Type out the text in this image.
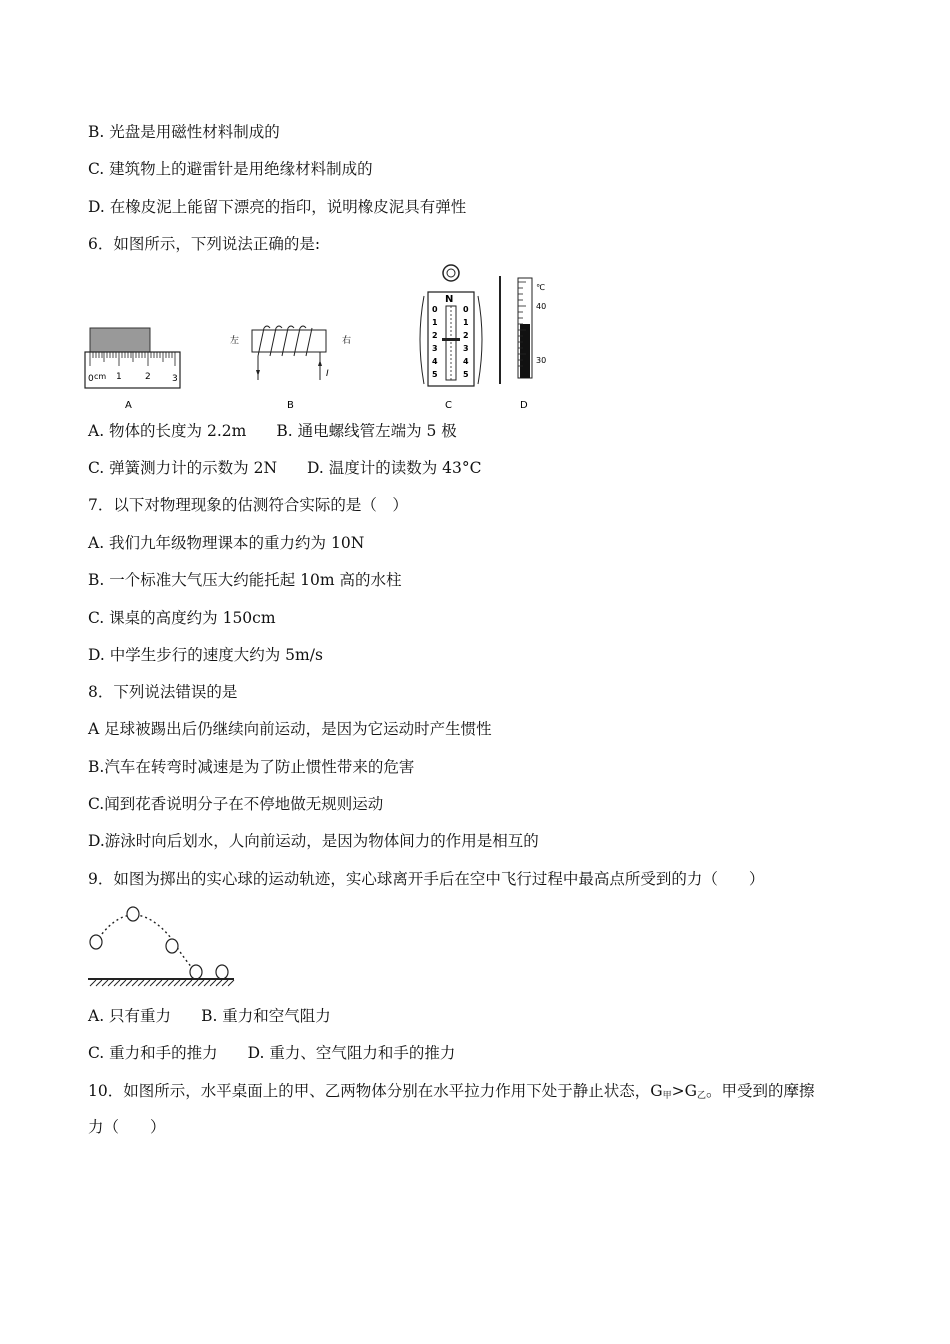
B. 光盘是用磁性材料制成的
C. 建筑物上的避雷针是用绝缘材料制成的
D. 在橡皮泥上能留下漂亮的指印，说明橡皮泥具有弹性
6．如图所示，下列说法正确的是:
0 cm 1	2 3
A
左	右
I
B
N
0	0
1	1
2	2
3	3
4	4
5	5
C
℃
40
30
D
A. 物体的长度为 2.2m B. 通电螺线管左端为 5 极
C. 弹簧测力计的示数为 2N D. 温度计的读数为 43°C
7．以下对物理现象的估测符合实际的是（　）
A. 我们九年级物理课本的重力约为 10N
B. 一个标准大气压大约能托起 10m 高的水柱
C. 课桌的高度约为 150cm
D. 中学生步行的速度大约为 5m/s
8．下列说法错误的是
A 足球被踢出后仍继续向前运动，是因为它运动时产生惯性
B.汽车在转弯时减速是为了防止惯性带来的危害
C.闻到花香说明分子在不停地做无规则运动
D.游泳时向后划水，人向前运动，是因为物体间力的作用是相互的
9．如图为掷出的实心球的运动轨迹，实心球离开手后在空中飞行过程中最高点所受到的力（　　）
A. 只有重力 B. 重力和空气阻力
C. 重力和手的推力 D. 重力、空气阻力和手的推力
10．如图所示，水平桌面上的甲、乙两物体分别在水平拉力作用下处于静止状态，$G_甲>G_乙$。甲受到的摩擦
力（　　）
